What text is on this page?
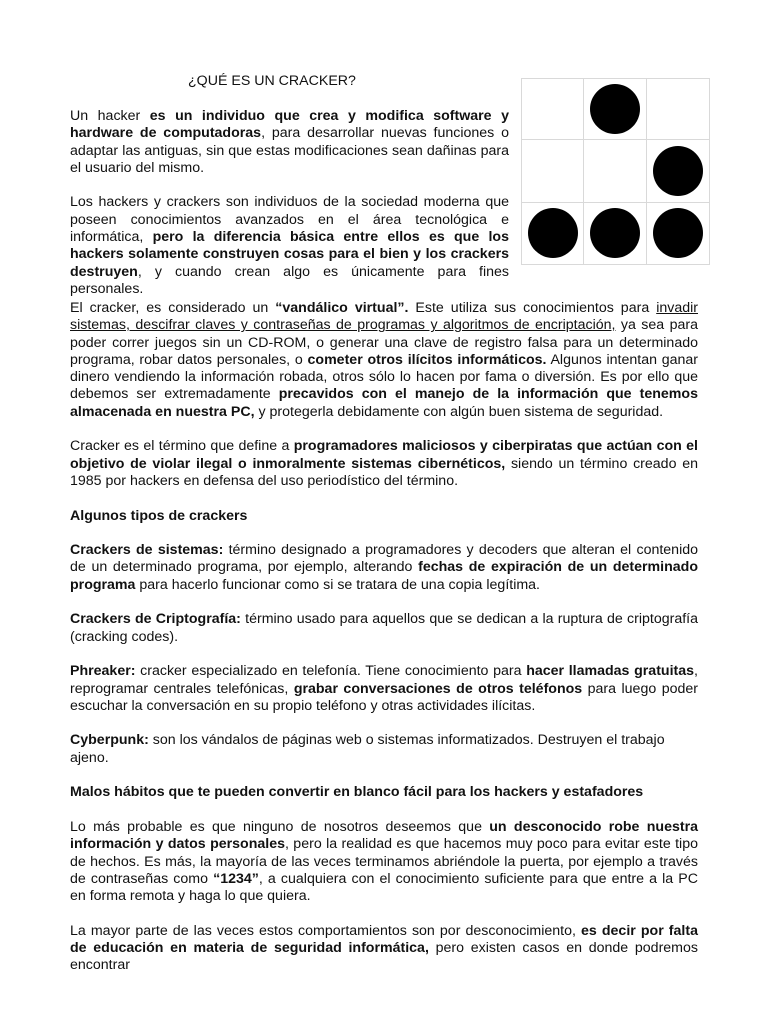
¿QUÉ ES UN CRACKER?

Un hacker es un individuo que crea y modifica software y hardware de computadoras, para desarrollar nuevas funciones o adaptar las antiguas, sin que estas modificaciones sean dañinas para el usuario del mismo.

Los hackers y crackers son individuos de la sociedad moderna que poseen conocimientos avanzados en el área tecnológica e informática, pero la diferencia básica entre ellos es que los hackers solamente construyen cosas para el bien y los crackers destruyen, y cuando crean algo es únicamente para fines personales.

El cracker, es considerado un “vandálico virtual”. Este utiliza sus conocimientos para invadir sistemas, descifrar claves y contraseñas de programas y algoritmos de encriptación, ya sea para poder correr juegos sin un CD-ROM, o generar una clave de registro falsa para un determinado programa, robar datos personales, o cometer otros ilícitos informáticos. Algunos intentan ganar dinero vendiendo la información robada, otros sólo lo hacen por fama o diversión. Es por ello que debemos ser extremadamente precavidos con el manejo de la información que tenemos almacenada en nuestra PC, y protegerla debidamente con algún buen sistema de seguridad.

Cracker es el término que define a programadores maliciosos y ciberpiratas que actúan con el objetivo de violar ilegal o inmoralmente sistemas cibernéticos, siendo un término creado en 1985 por hackers en defensa del uso periodístico del término.

Algunos tipos de crackers

Crackers de sistemas: término designado a programadores y decoders que alteran el contenido de un determinado programa, por ejemplo, alterando fechas de expiración de un determinado programa para hacerlo funcionar como si se tratara de una copia legítima.

Crackers de Criptografía: término usado para aquellos que se dedican a la ruptura de criptografía (cracking codes).

Phreaker: cracker especializado en telefonía. Tiene conocimiento para hacer llamadas gratuitas, reprogramar centrales telefónicas, grabar conversaciones de otros teléfonos para luego poder escuchar la conversación en su propio teléfono y otras actividades ilícitas.

Cyberpunk: son los vándalos de páginas web o sistemas informatizados. Destruyen el trabajo ajeno.

Malos hábitos que te pueden convertir en blanco fácil para los hackers y estafadores

Lo más probable es que ninguno de nosotros deseemos que un desconocido robe nuestra información y datos personales, pero la realidad es que hacemos muy poco para evitar este tipo de hechos. Es más, la mayoría de las veces terminamos abriéndole la puerta, por ejemplo a través de contraseñas como “1234”, a cualquiera con el conocimiento suficiente para que entre a la PC en forma remota y haga lo que quiera.

La mayor parte de las veces estos comportamientos son por desconocimiento, es decir por falta de educación en materia de seguridad informática, pero existen casos en donde podremos encontrar
